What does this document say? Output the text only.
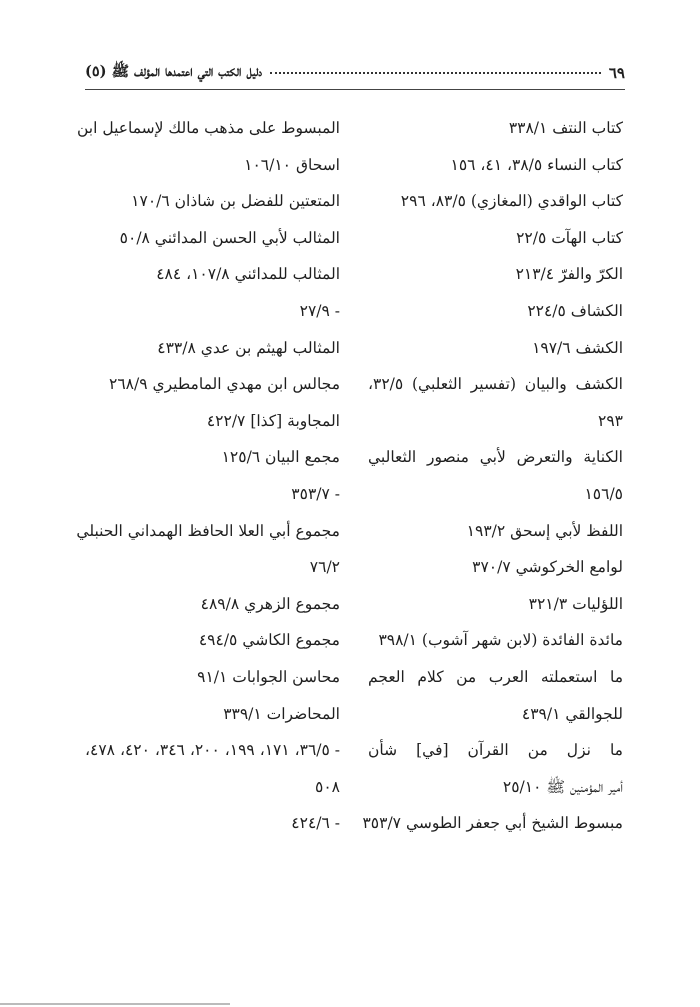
دليل الكتب التي اعتمدها المؤلف ﷺ (٥)	٦٩
كتاب النتف ٣٣٨/١
كتاب النساء ٣٨/٥، ٤١، ١٥٦
كتاب الواقدي (المغازي) ٨٣/٥، ٢٩٦
كتاب الهآت ٢٢/٥
الكرّ والفرّ ٢١٣/٤
الكشاف ٢٢٤/٥
الكشف ١٩٧/٦
الكشف والبيان (تفسير الثعلبي) ٣٢/٥،
٢٩٣
الكناية والتعرض لأبي منصور الثعالبي
١٥٦/٥
اللفظ لأبي إسحق ١٩٣/٢
لوامع الخركوشي ٣٧٠/٧
اللؤليات ٣٢١/٣
مائدة الفائدة (لابن شهر آشوب) ٣٩٨/١
ما استعملته العرب من كلام العجم
للجوالقي ٤٣٩/١
ما نزل من القرآن [في] شأن
أمير المؤمنين ﷺ ٢٥/١٠
مبسوط الشيخ أبي جعفر الطوسي ٣٥٣/٧
المبسوط على مذهب مالك لإسماعيل ابن
اسحاق ١٠٦/١٠
المتعتين للفضل بن شاذان ١٧٠/٦
المثالب لأبي الحسن المدائني ٥٠/٨
المثالب للمدائني ١٠٧/٨، ٤٨٤
- ٢٧/٩
المثالب لهيثم بن عدي ٤٣٣/٨
مجالس ابن مهدي المامطيري ٢٦٨/٩
المجاوبة [كذا] ٤٢٢/٧
مجمع البيان ١٢٥/٦
- ٣٥٣/٧
مجموع أبي العلا الحافظ الهمداني الحنبلي
٧٦/٢
مجموع الزهري ٤٨٩/٨
مجموع الكاشي ٤٩٤/٥
محاسن الجوابات ٩١/١
المحاضرات ٣٣٩/١
- ٣٦/٥، ١٧١، ١٩٩، ٢٠٠، ٣٤٦، ٤٢٠، ٤٧٨،
٥٠٨
- ٤٢٤/٦
